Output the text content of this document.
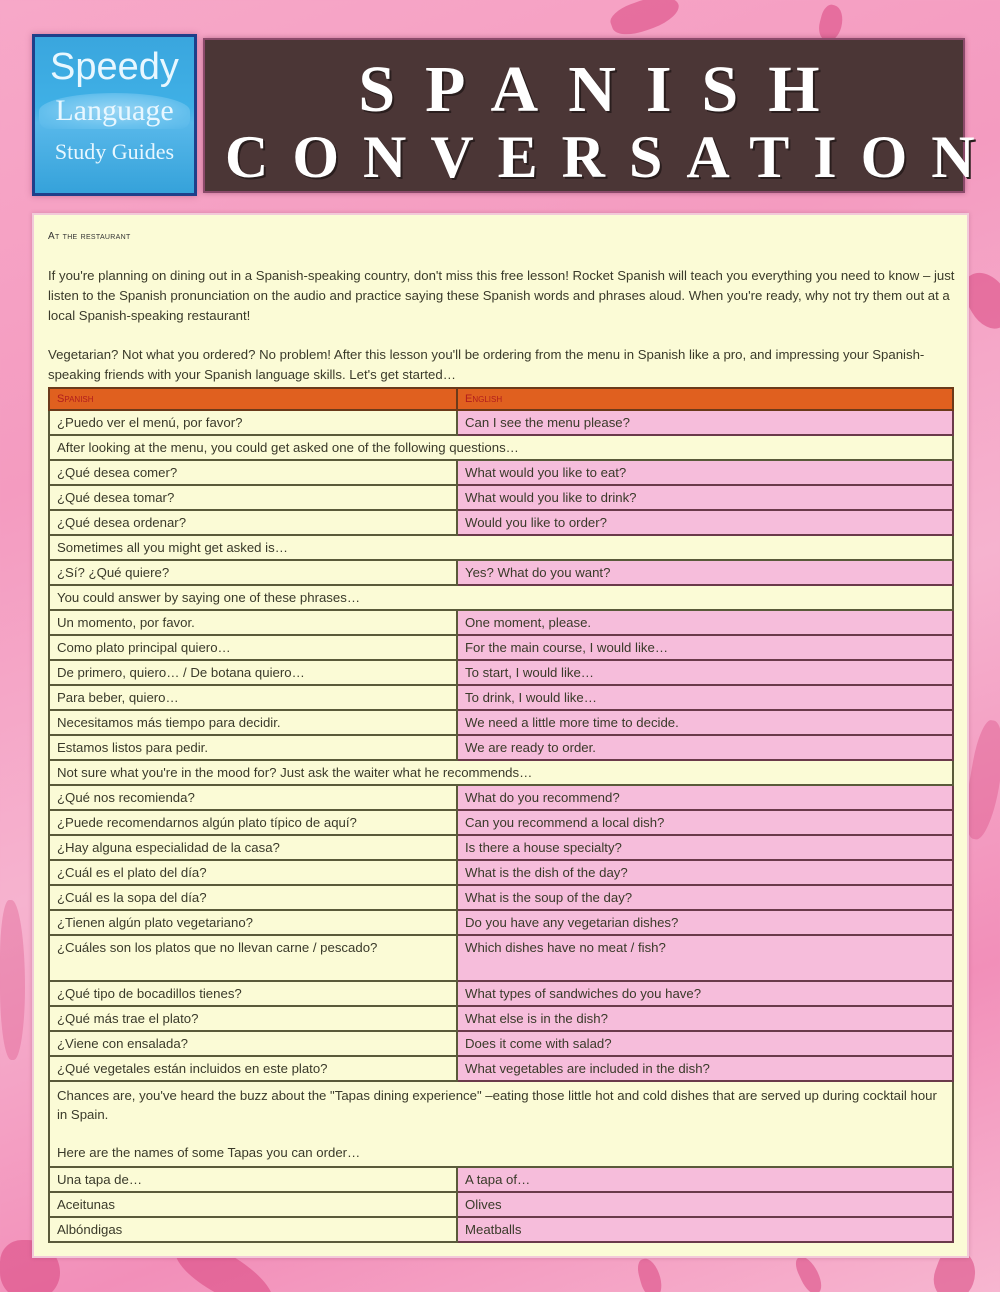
Speedy
Language
Study Guides
SPANISH
CONVERSATION
At the restaurant

If you're planning on dining out in a Spanish-speaking country, don't miss this free lesson! Rocket Spanish will teach you everything you need to know – just listen to the Spanish pronunciation on the audio and practice saying these Spanish words and phrases aloud. When you're ready, why not try them out at a local Spanish-speaking restaurant!

Vegetarian? Not what you ordered? No problem! After this lesson you'll be ordering from the menu in Spanish like a pro, and impressing your Spanish-speaking friends with your Spanish language skills. Let's get started…

Spanish	English
¿Puedo ver el menú, por favor?	Can I see the menu please?
After looking at the menu, you could get asked one of the following questions…	
¿Qué desea comer?	What would you like to eat?
¿Qué desea tomar?	What would you like to drink?
¿Qué desea ordenar?	Would you like to order?
Sometimes all you might get asked is…	
¿Sí? ¿Qué quiere?	Yes? What do you want?
You could answer by saying one of these phrases…	
Un momento, por favor.	One moment, please.
Como plato principal quiero…	For the main course, I would like…
De primero, quiero… / De botana quiero…	To start, I would like…
Para beber, quiero…	To drink, I would like…
Necesitamos más tiempo para decidir.	We need a little more time to decide.
Estamos listos para pedir.	We are ready to order.
Not sure what you're in the mood for? Just ask the waiter what he recommends…	
¿Qué nos recomienda?	What do you recommend?
¿Puede recomendarnos algún plato típico de aquí?	Can you recommend a local dish?
¿Hay alguna especialidad de la casa?	Is there a house specialty?
¿Cuál es el plato del día?	What is the dish of the day?
¿Cuál es la sopa del día?	What is the soup of the day?
¿Tienen algún plato vegetariano?	Do you have any vegetarian dishes?
¿Cuáles son los platos que no llevan carne / pescado?	Which dishes have no meat / fish?
¿Qué tipo de bocadillos tienes?	What types of sandwiches do you have?
¿Qué más trae el plato?	What else is in the dish?
¿Viene con ensalada?	Does it come with salad?
¿Qué vegetales están incluidos en este plato?	What vegetables are included in the dish?
Chances are, you've heard the buzz about the "Tapas dining experience" –eating those little hot and cold dishes that are served up during cocktail hour in Spain.
Here are the names of some Tapas you can order…	
Una tapa de…	A tapa of…
Aceitunas	Olives
Albóndigas	Meatballs
